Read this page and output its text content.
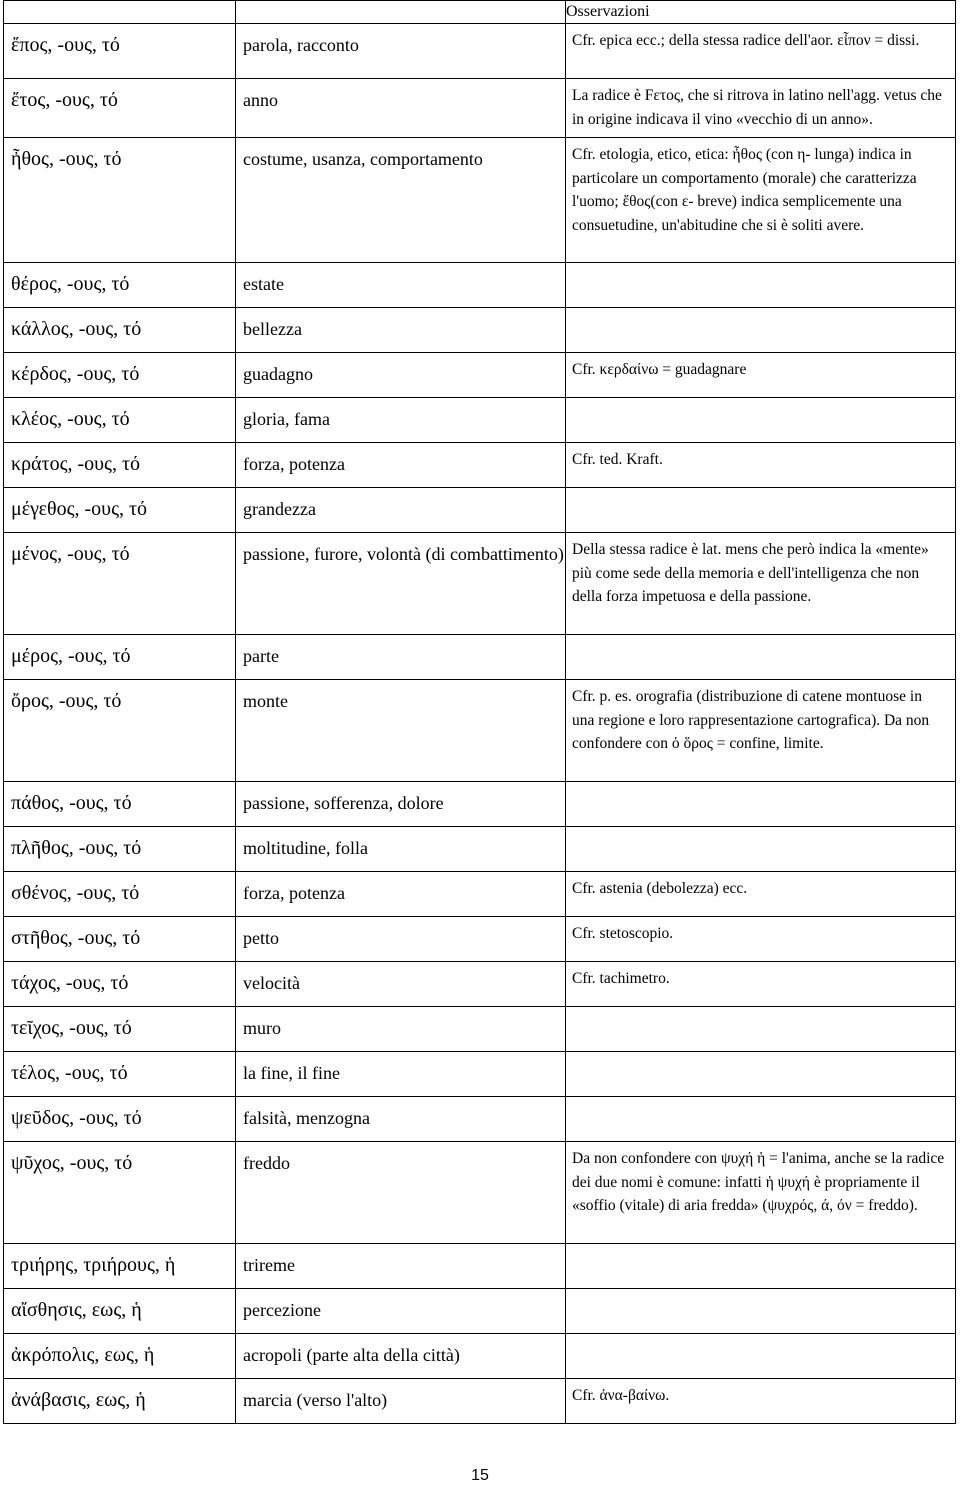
		Osservazioni
ἔπος, -ους, τό	parola, racconto	Cfr. epica ecc.; della stessa radice dell'aor. εἶπον = dissi.
ἔτος, -ους, τό	anno	La radice è Fετος, che si ritrova in latino nell'agg. vetus che in origine indicava il vino «vecchio di un anno».
ἦθος, -ους, τό	costume, usanza, comportamento	Cfr. etologia, etico, etica: ἦθος (con η- lunga) indica in particolare un comportamento (morale) che caratterizza l'uomo; ἔθος(con ε- breve) indica semplicemente una consuetudine, un'abitudine che si è soliti avere.
θέρος, -ους, τό	estate	

κάλλος, -ους, τό	bellezza	

κέρδος, -ους, τό	guadagno	Cfr. κερδαίνω = guadagnare
κλέος, -ους, τό	gloria, fama	

κράτος, -ους, τό	forza, potenza	Cfr. ted. Kraft.
μέγεθος, -ους, τό	grandezza	

μένος, -ους, τό	passione, furore, volontà (di combattimento)	Della stessa radice è lat. mens che però indica la «mente» più come sede della memoria e dell'intelligenza che non della forza impetuosa e della passione.
μέρος, -ους, τό	parte	

ὄρος, -ους, τό	monte	Cfr. p. es. orografia (distribuzione di catene montuose in una regione e loro rappresentazione cartografica). Da non confondere con ὁ ὅρος = confine, limite.
πάθος, -ους, τό	passione, sofferenza, dolore	

πλῆθος, -ους, τό	moltitudine, folla	

σθένος, -ους, τό	forza, potenza	Cfr. astenia (debolezza) ecc.
στῆθος, -ους, τό	petto	Cfr. stetoscopio.
τάχος, -ους, τό	velocità	Cfr. tachimetro.
τεῖχος, -ους, τό	muro	

τέλος, -ους, τό	la fine, il fine	

ψεῦδος, -ους, τό	falsità, menzogna	

ψῦχος, -ους, τό	freddo	Da non confondere con ψυχή ἡ = l'anima, anche se la radice dei due nomi è comune: infatti ἡ ψυχή è propriamente il «soffio (vitale) di aria fredda» (ψυχρός, ά, όν = freddo).
τριήρης, τριήρους, ἡ	trireme	

αἴσθησις, εως, ἡ	percezione	

ἀκρόπολις, εως, ἡ	acropoli (parte alta della città)	

ἀνάβασις, εως, ἡ	marcia (verso l'alto)	Cfr. ἀνα-βαίνω.
15
